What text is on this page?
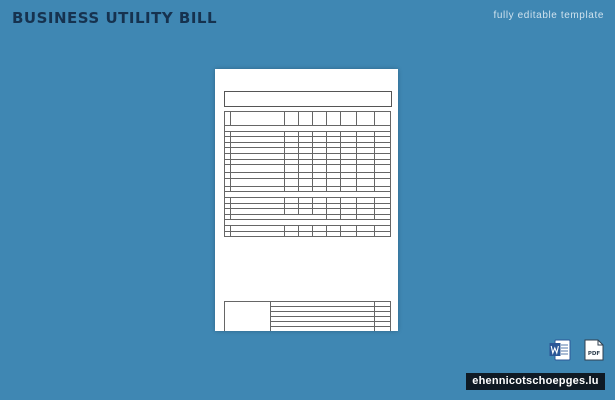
BUSINESS UTILITY BILL	fully editable template

PDF
ehennicotschoepges.lu
